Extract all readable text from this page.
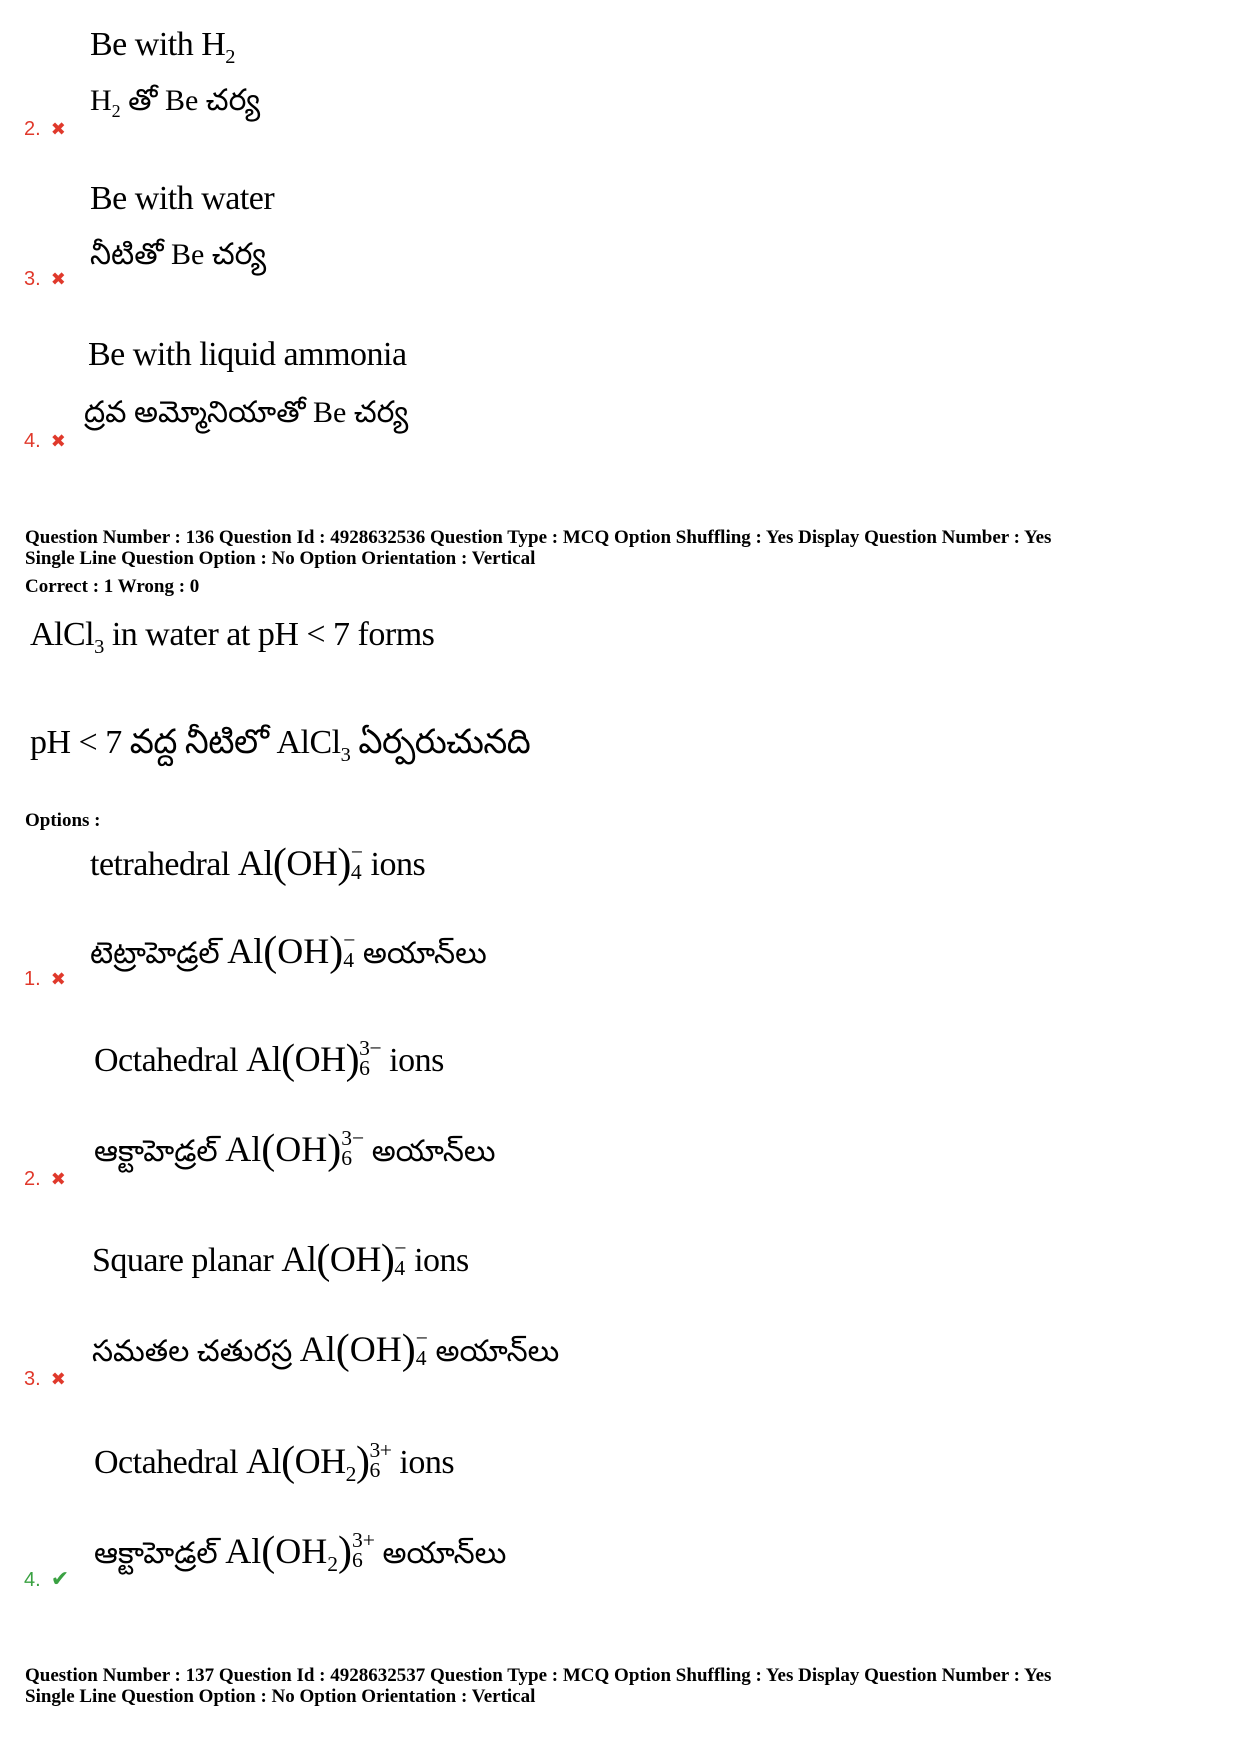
Be with $H_2$
$H_2$ తో Be చర్య
2. ✖
Be with water
నీటితో Be చర్య
3. ✖
Be with liquid ammonia
ద్రవ అమ్మోనియాతో Be చర్య
4. ✖
Question Number : 136 Question Id : 4928632536 Question Type : MCQ Option Shuffling : Yes Display Question Number : Yes
Single Line Question Option : No Option Orientation : Vertical
Correct : 1 Wrong : 0
AlCl$_3$ in water at pH < 7 forms
pH < 7 వద్ద నీటిలో AlCl$_3$ ఏర్పరుచునది
Options :
tetrahedral Al(OH) −
4 ions
టెట్రాహెడ్రల్ Al(OH) −
4 అయాన్‌లు
1. ✖
Octahedral Al(OH) 3−
6 ions
ఆక్టాహెడ్రల్ Al(OH) 3−
6 అయాన్‌లు
2. ✖
Square planar Al(OH) −
4 ions
సమతల చతురస్ర Al(OH) −
4 అయాన్‌లు
3. ✖
Octahedral $Al(OH_2)$ 3+
6 ions
ఆక్టాహెడ్రల్ $Al(OH_2)$ 3+
6 అయాన్‌లు
4. ✔
Question Number : 137 Question Id : 4928632537 Question Type : MCQ Option Shuffling : Yes Display Question Number : Yes
Single Line Question Option : No Option Orientation : Vertical
